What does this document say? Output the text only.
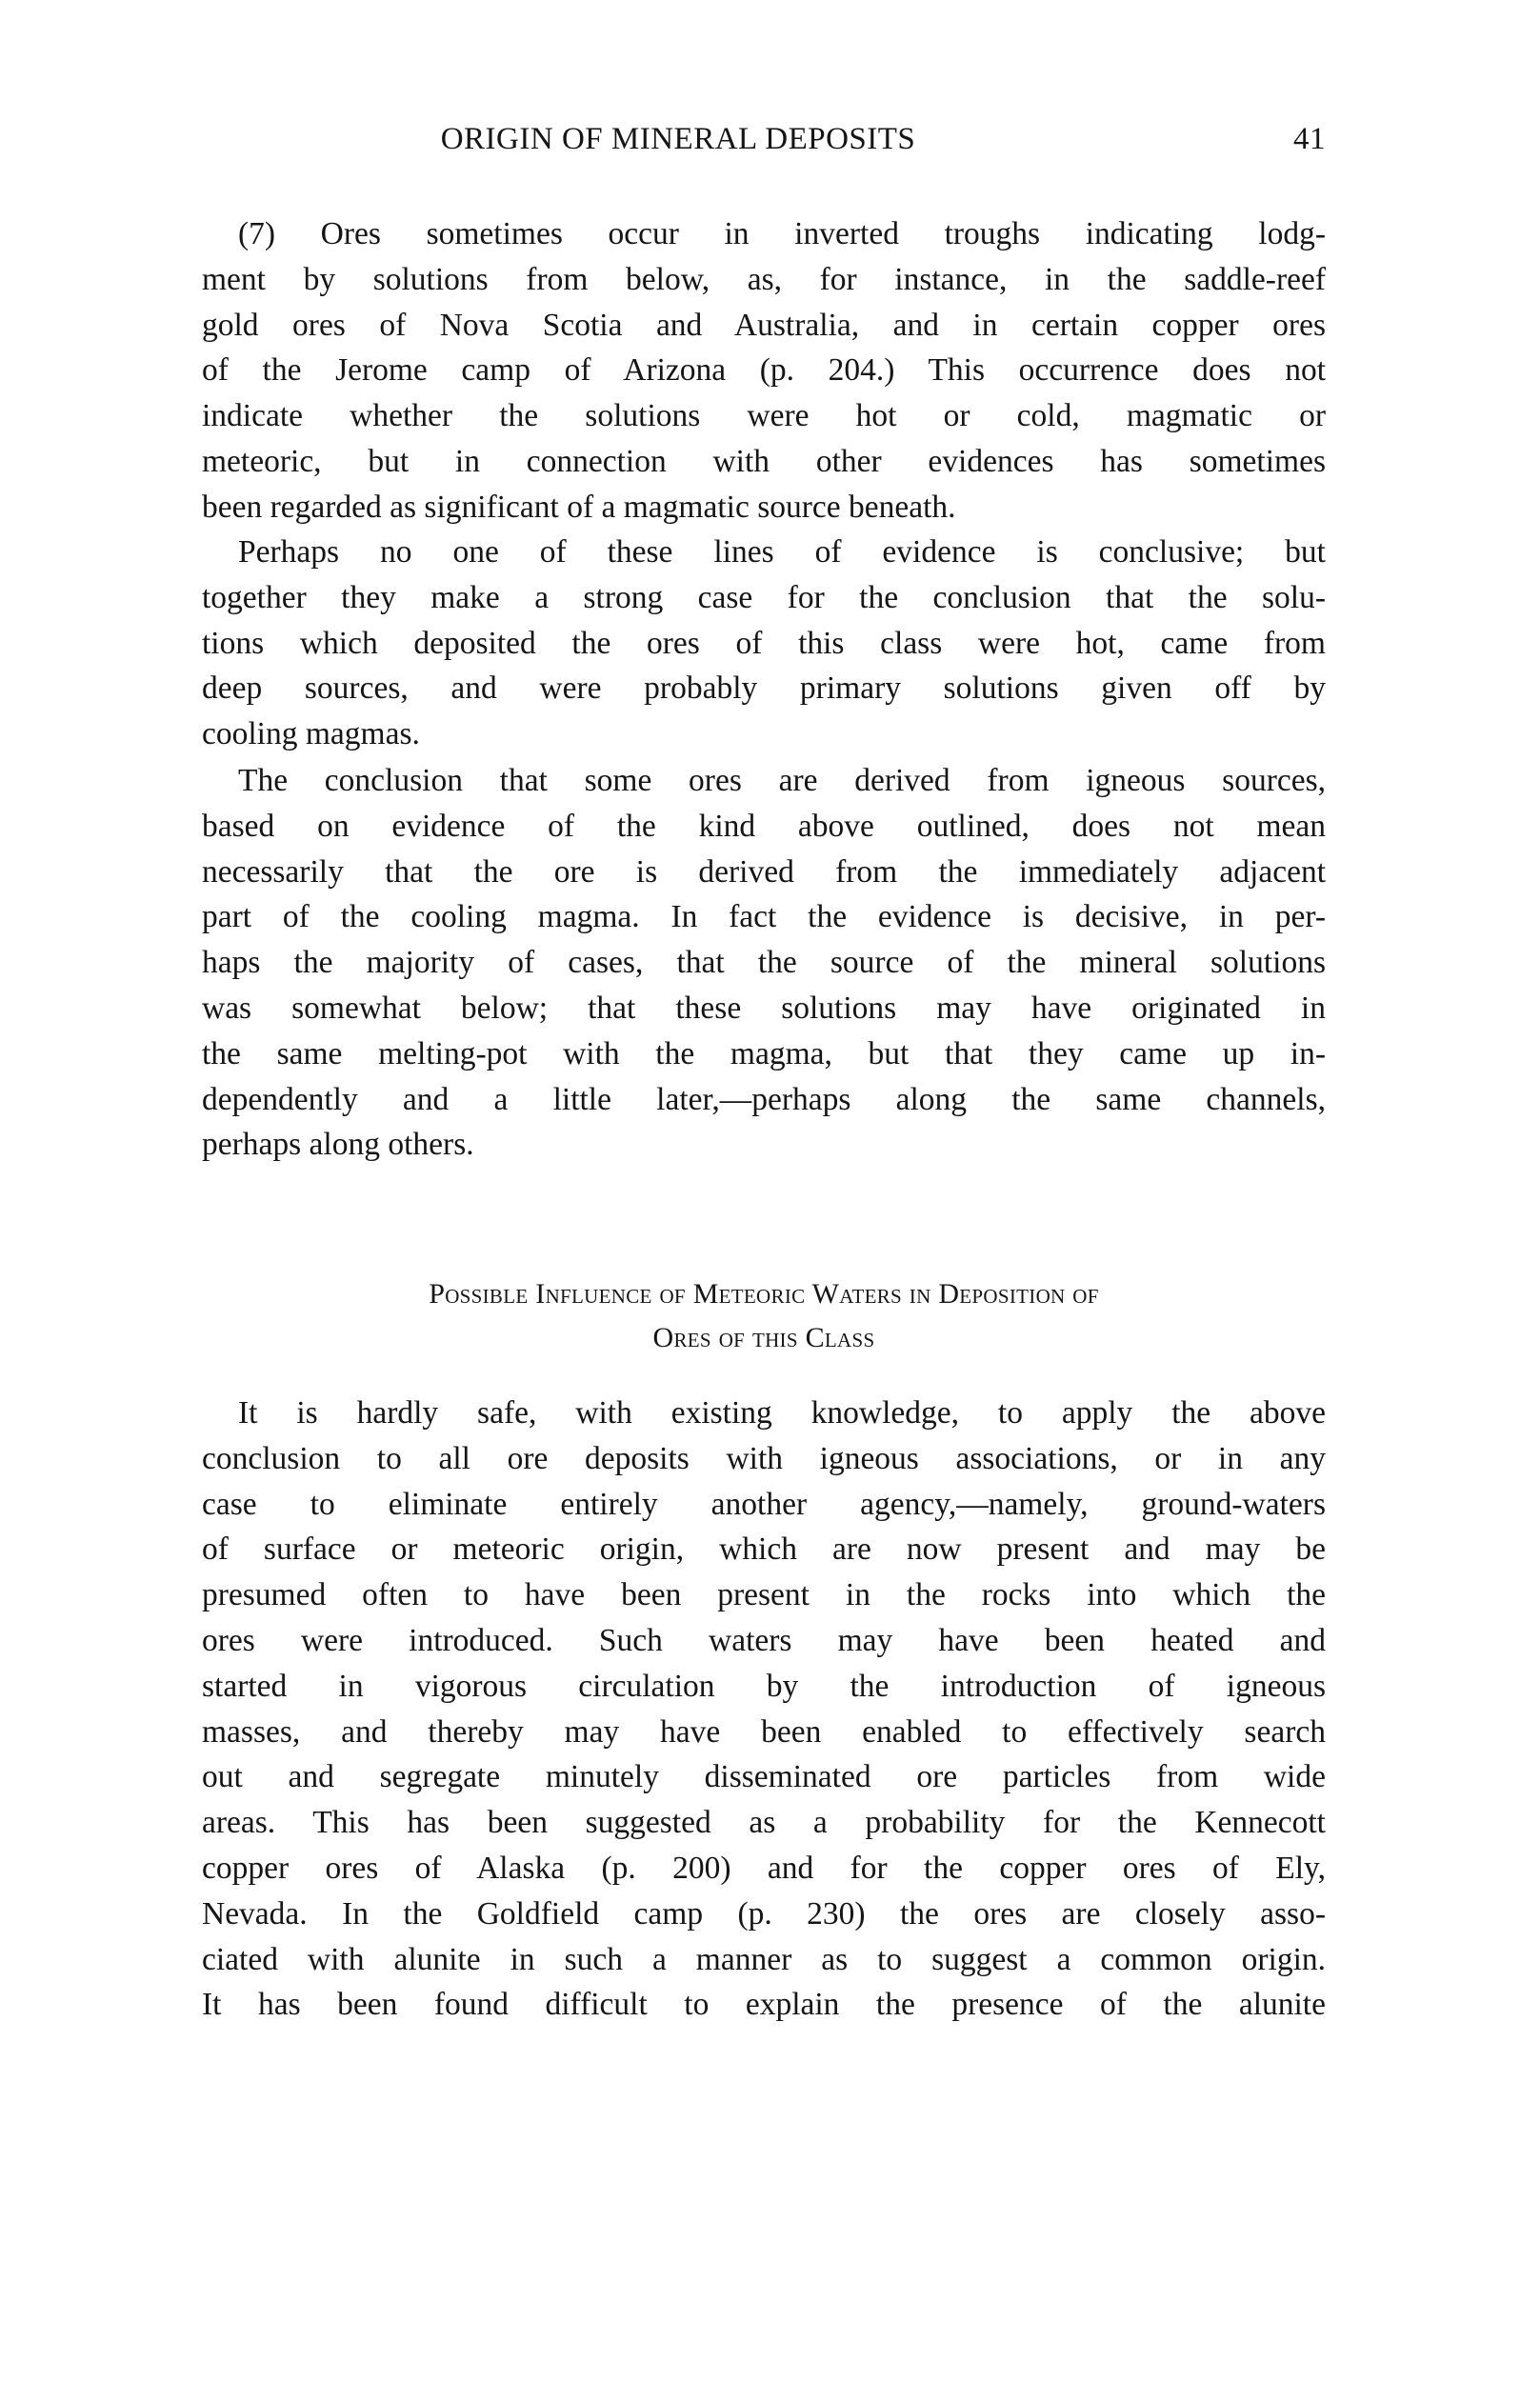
ORIGIN OF MINERAL DEPOSITS	41
(7) Ores sometimes occur in inverted troughs indicating lodg-
ment by solutions from below, as, for instance, in the saddle-reef
gold ores of Nova Scotia and Australia, and in certain copper ores
of the Jerome camp of Arizona (p. 204.) This occurrence does not
indicate whether the solutions were hot or cold, magmatic or
meteoric, but in connection with other evidences has sometimes
been regarded as significant of a magmatic source beneath.
Perhaps no one of these lines of evidence is conclusive; but
together they make a strong case for the conclusion that the solu-
tions which deposited the ores of this class were hot, came from
deep sources, and were probably primary solutions given off by
cooling magmas.
The conclusion that some ores are derived from igneous sources,
based on evidence of the kind above outlined, does not mean
necessarily that the ore is derived from the immediately adjacent
part of the cooling magma. In fact the evidence is decisive, in per-
haps the majority of cases, that the source of the mineral solutions
was somewhat below; that these solutions may have originated in
the same melting-pot with the magma, but that they came up in-
dependently and a little later,—perhaps along the same channels,
perhaps along others.
Possible Influence of Meteoric Waters in Deposition of
Ores of this Class
It is hardly safe, with existing knowledge, to apply the above
conclusion to all ore deposits with igneous associations, or in any
case to eliminate entirely another agency,—namely, ground-waters
of surface or meteoric origin, which are now present and may be
presumed often to have been present in the rocks into which the
ores were introduced. Such waters may have been heated and
started in vigorous circulation by the introduction of igneous
masses, and thereby may have been enabled to effectively search
out and segregate minutely disseminated ore particles from wide
areas. This has been suggested as a probability for the Kennecott
copper ores of Alaska (p. 200) and for the copper ores of Ely,
Nevada. In the Goldfield camp (p. 230) the ores are closely asso-
ciated with alunite in such a manner as to suggest a common origin.
It has been found difficult to explain the presence of the alunite
